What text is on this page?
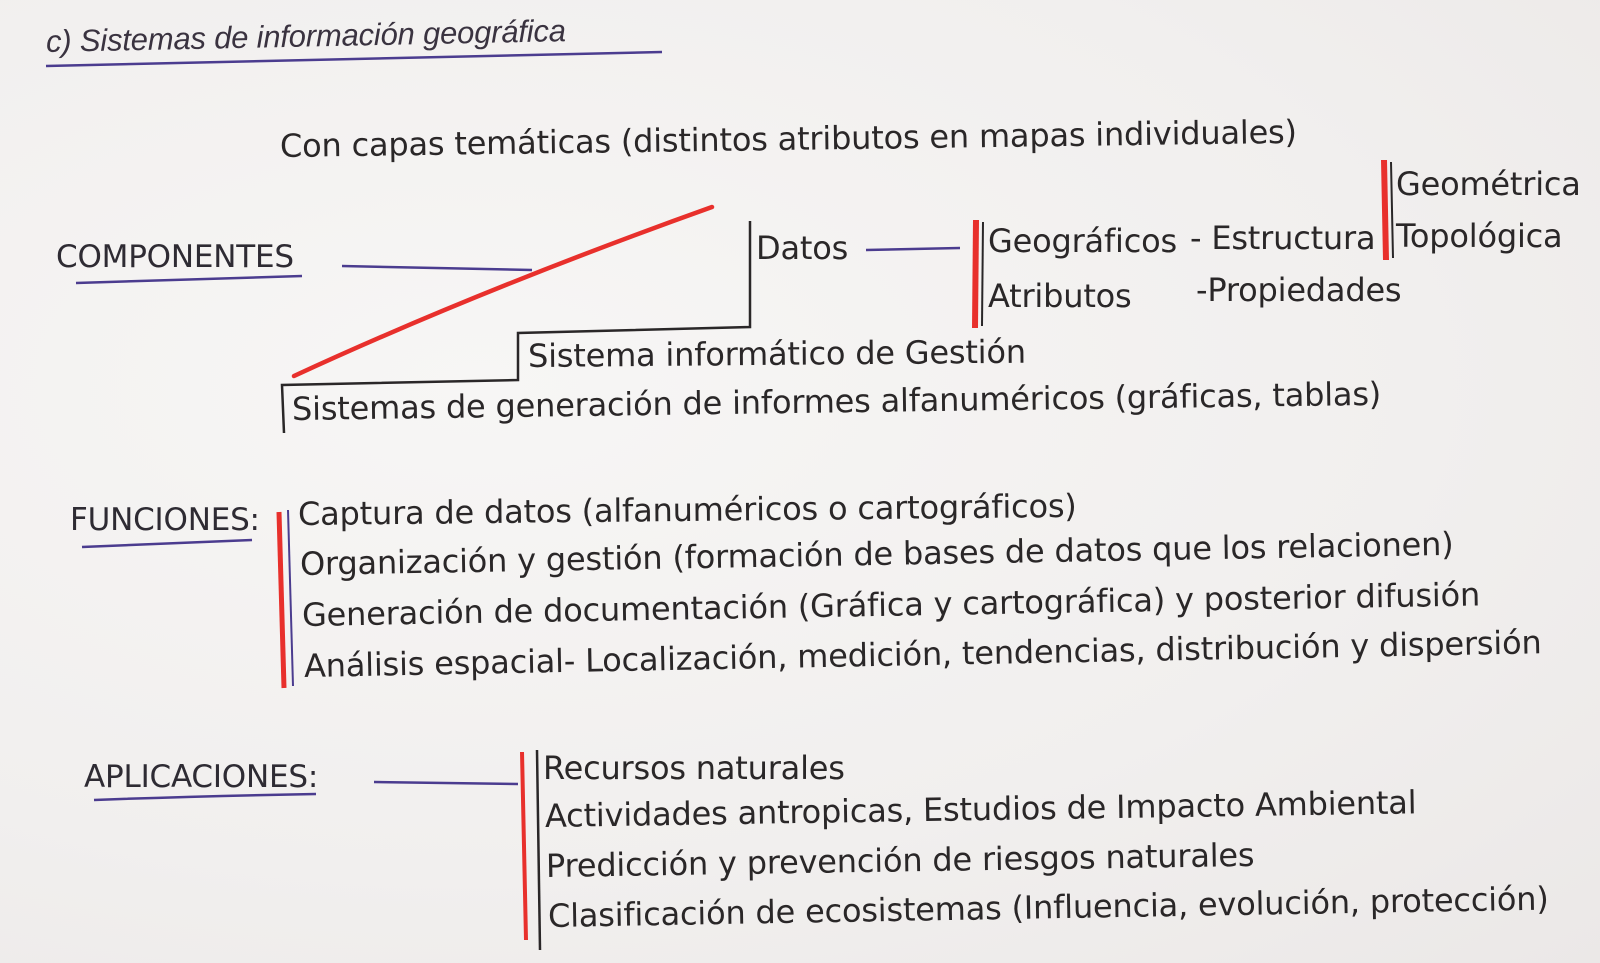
c) Sistemas de información geográfica
Con capas temáticas (distintos atributos en mapas individuales)
COMPONENTES	Datos	Geográficos
Atributos
- Estructura
-Propiedades
Geométrica
Topológica
Sistema informático de Gestión
Sistemas de generación de informes alfanuméricos (gráficas, tablas)
FUNCIONES: Captura de datos (alfanuméricos o cartográficos)
Organización y gestión (formación de bases de datos que los relacionen)
Generación de documentación (Gráfica y cartográfica) y posterior difusión
Análisis espacial- Localización, medición, tendencias, distribución y dispersión
APLICACIONES:	Recursos naturales
Actividades antropicas, Estudios de Impacto Ambiental
Predicción y prevención de riesgos naturales
Clasificación de ecosistemas (Influencia, evolución, protección)
